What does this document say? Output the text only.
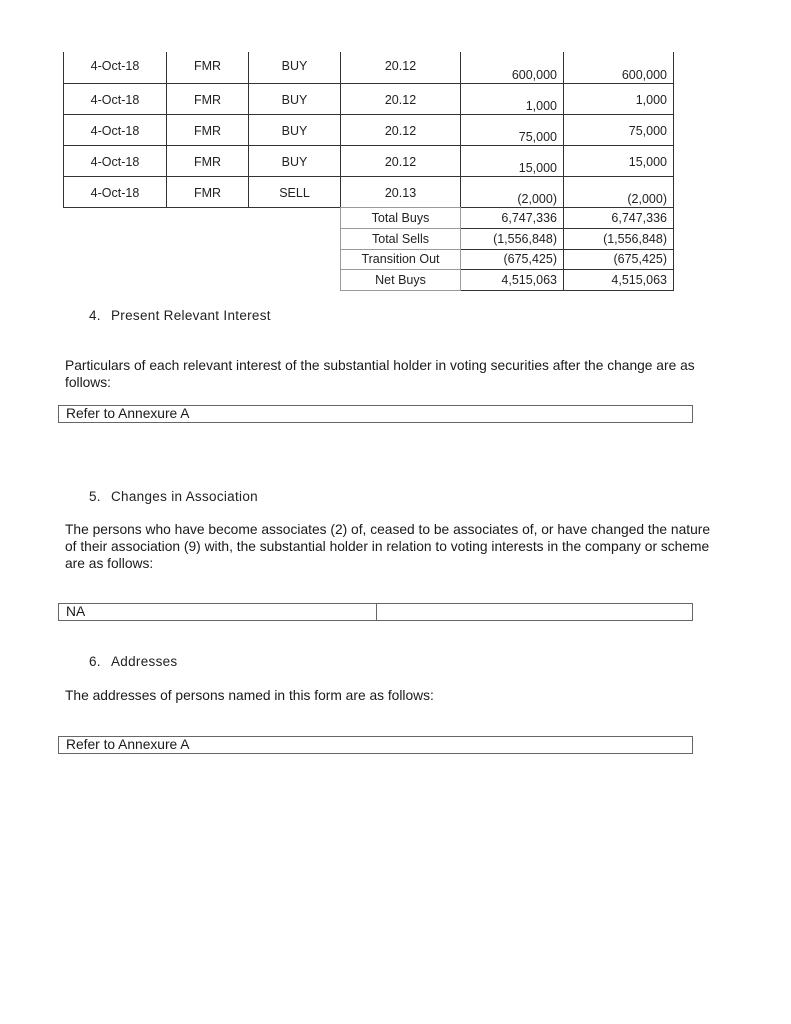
4-Oct-18	FMR	BUY	20.12	600,000	600,000
4-Oct-18	FMR	BUY	20.12	1,000	1,000
4-Oct-18	FMR	BUY	20.12	75,000	75,000
4-Oct-18	FMR	BUY	20.12	15,000	15,000
4-Oct-18	FMR	SELL	20.13	(2,000)	(2,000)
Total Buys	6,747,336	6,747,336
Total Sells	(1,556,848)	(1,556,848)
Transition Out	(675,425)	(675,425)
Net Buys	4,515,063	4,515,063
4. Present Relevant Interest
Particulars of each relevant interest of the substantial holder in voting securities after the change are as follows:
Refer to Annexure A
5. Changes in Association
The persons who have become associates (2) of, ceased to be associates of, or have changed the nature of their association (9) with, the substantial holder in relation to voting interests in the company or scheme are as follows:
NA
6. Addresses
The addresses of persons named in this form are as follows:
Refer to Annexure A
